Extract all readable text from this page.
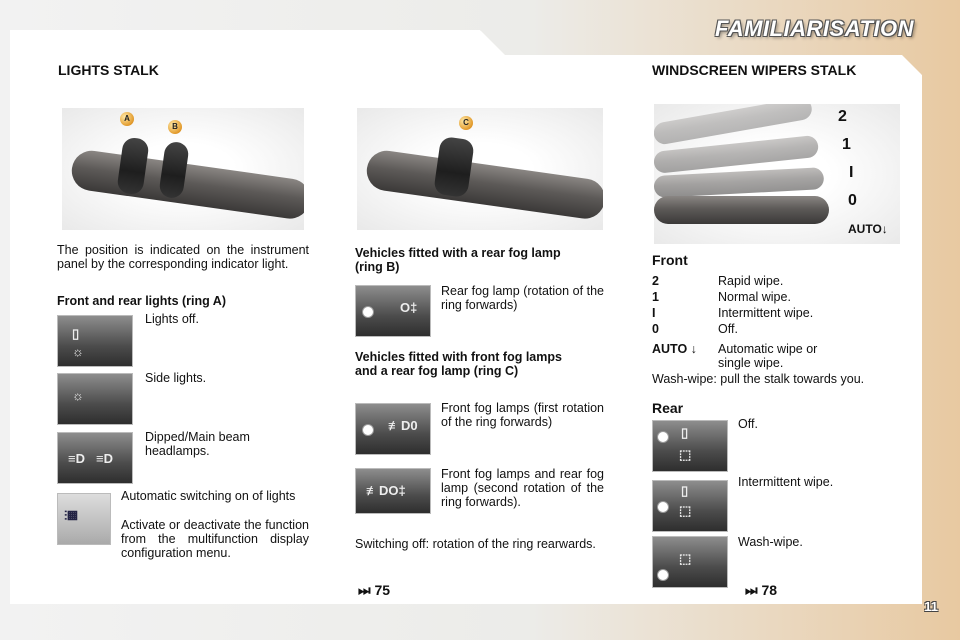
FAMILIARISATION
LIGHTS STALK
A
B	C
The position is indicated on the instrument panel by the corresponding indicator light.
Front and rear lights (ring A)
▯
☼
Lights off.
☼
Side lights.
≡D ≡D
Dipped/Main beam headlamps.
⫶▦
Automatic switching on of lights
Activate or deactivate the function from the multifunction display configuration menu.
Vehicles fitted with a rear fog lamp (ring B)
O‡
Rear fog lamp (rotation of the ring forwards)
Vehicles fitted with front fog lamps and a rear fog lamp (ring C)
≢D0
Front fog lamps (first rotation of the ring forwards)
≢DO‡
Front fog lamps and rear fog lamp (second rotation of the ring forwards).
Switching off: rotation of the ring rearwards.
⏭ 75
WINDSCREEN WIPERS STALK
2
1
I
0
AUTO↓
Front
2	Rapid wipe.
1	Normal wipe.
I	Intermittent wipe.
0	Off.
AUTO ↓ Automatic wipe or single wipe.
Wash-wipe: pull the stalk towards you.
Rear
▯
⬚
Off.
▯
⬚
Intermittent wipe.
⬚
Wash-wipe.
⏭ 78
11
